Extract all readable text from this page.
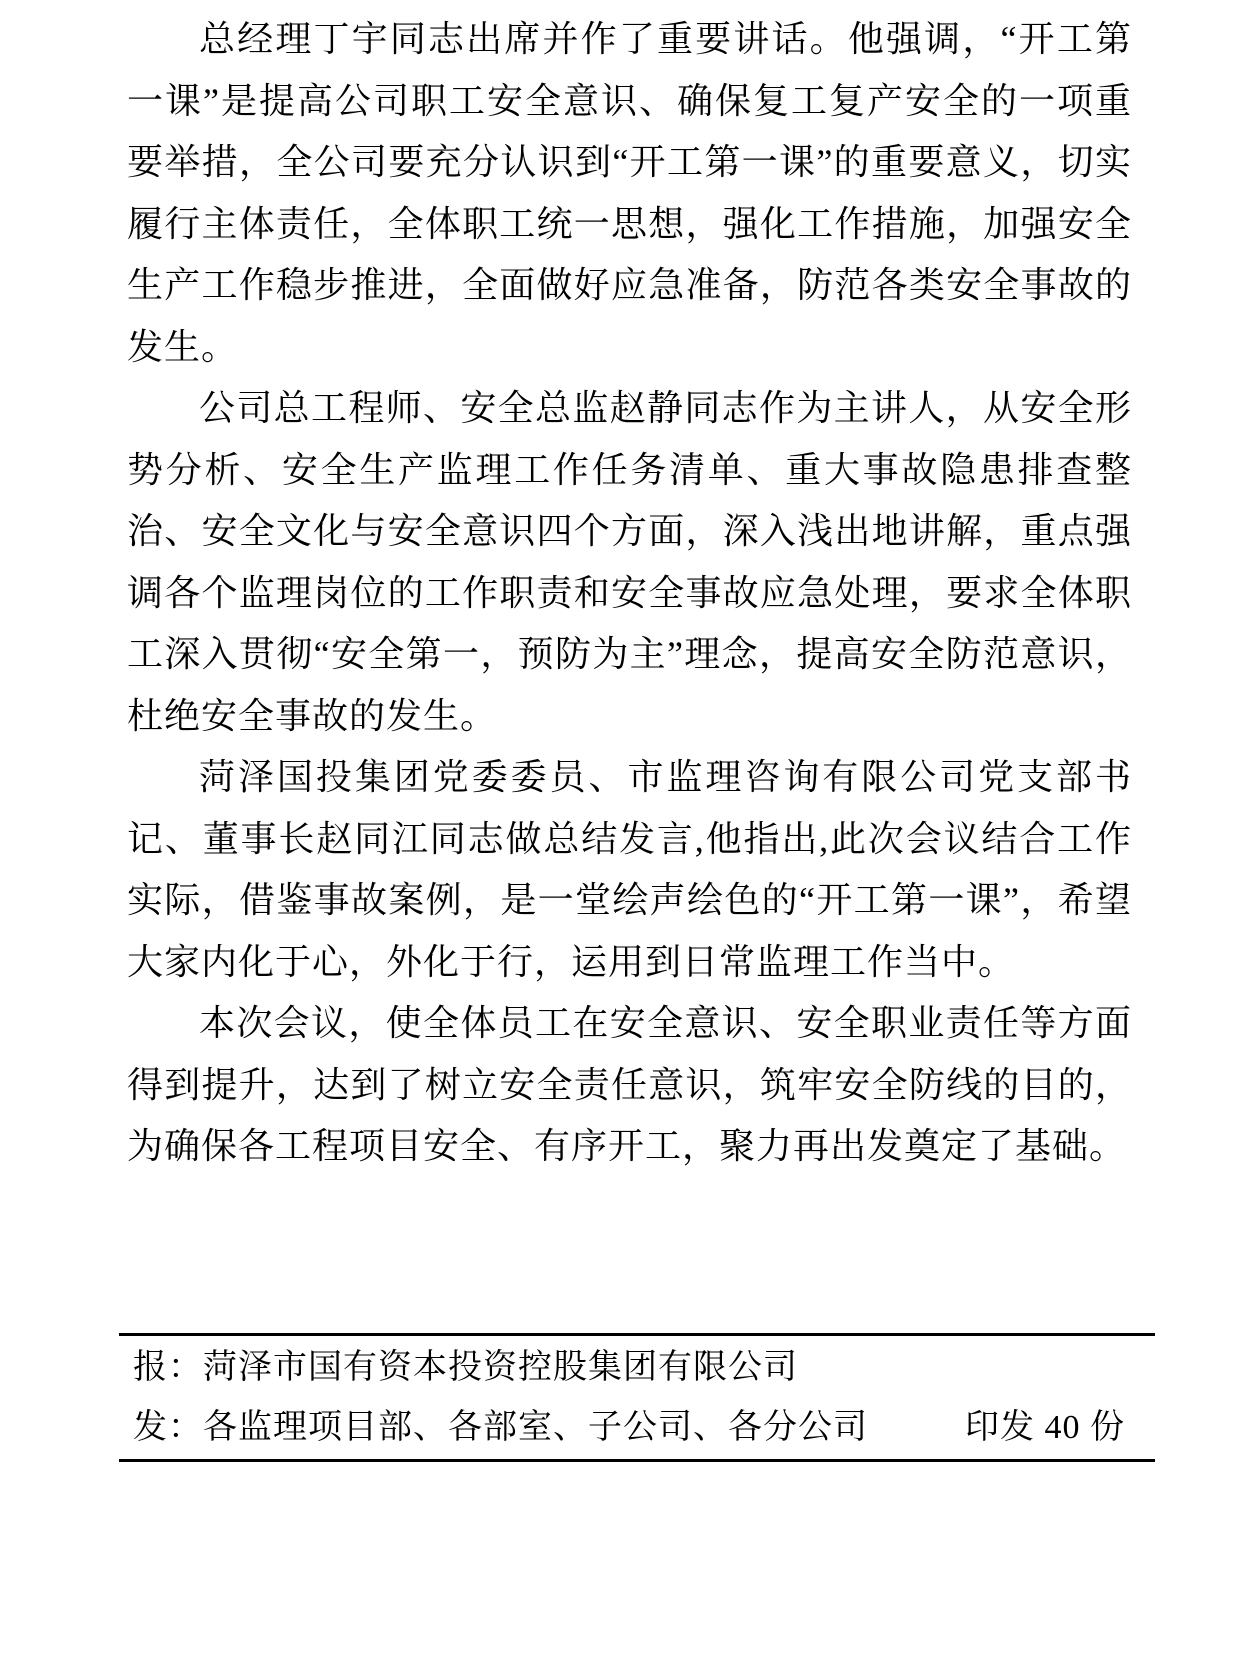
总经理丁宇同志出席并作了重要讲话。他强调，“开工第一课”是提高公司职工安全意识、确保复工复产安全的一项重要举措，全公司要充分认识到“开工第一课”的重要意义，切实履行主体责任，全体职工统一思想，强化工作措施，加强安全生产工作稳步推进，全面做好应急准备，防范各类安全事故的发生。

公司总工程师、安全总监赵静同志作为主讲人，从安全形势分析、安全生产监理工作任务清单、重大事故隐患排查整治、安全文化与安全意识四个方面，深入浅出地讲解，重点强调各个监理岗位的工作职责和安全事故应急处理，要求全体职工深入贯彻“安全第一，预防为主”理念，提高安全防范意识，杜绝安全事故的发生。

菏泽国投集团党委委员、市监理咨询有限公司党支部书记、董事长赵同江同志做总结发言,他指出,此次会议结合工作实际，借鉴事故案例，是一堂绘声绘色的“开工第一课”，希望大家内化于心，外化于行，运用到日常监理工作当中。

本次会议，使全体员工在安全意识、安全职业责任等方面得到提升，达到了树立安全责任意识，筑牢安全防线的目的，为确保各工程项目安全、有序开工，聚力再出发奠定了基础。

报：菏泽市国有资本投资控股集团有限公司
发：各监理项目部、各部室、子公司、各分公司	印发 40 份
